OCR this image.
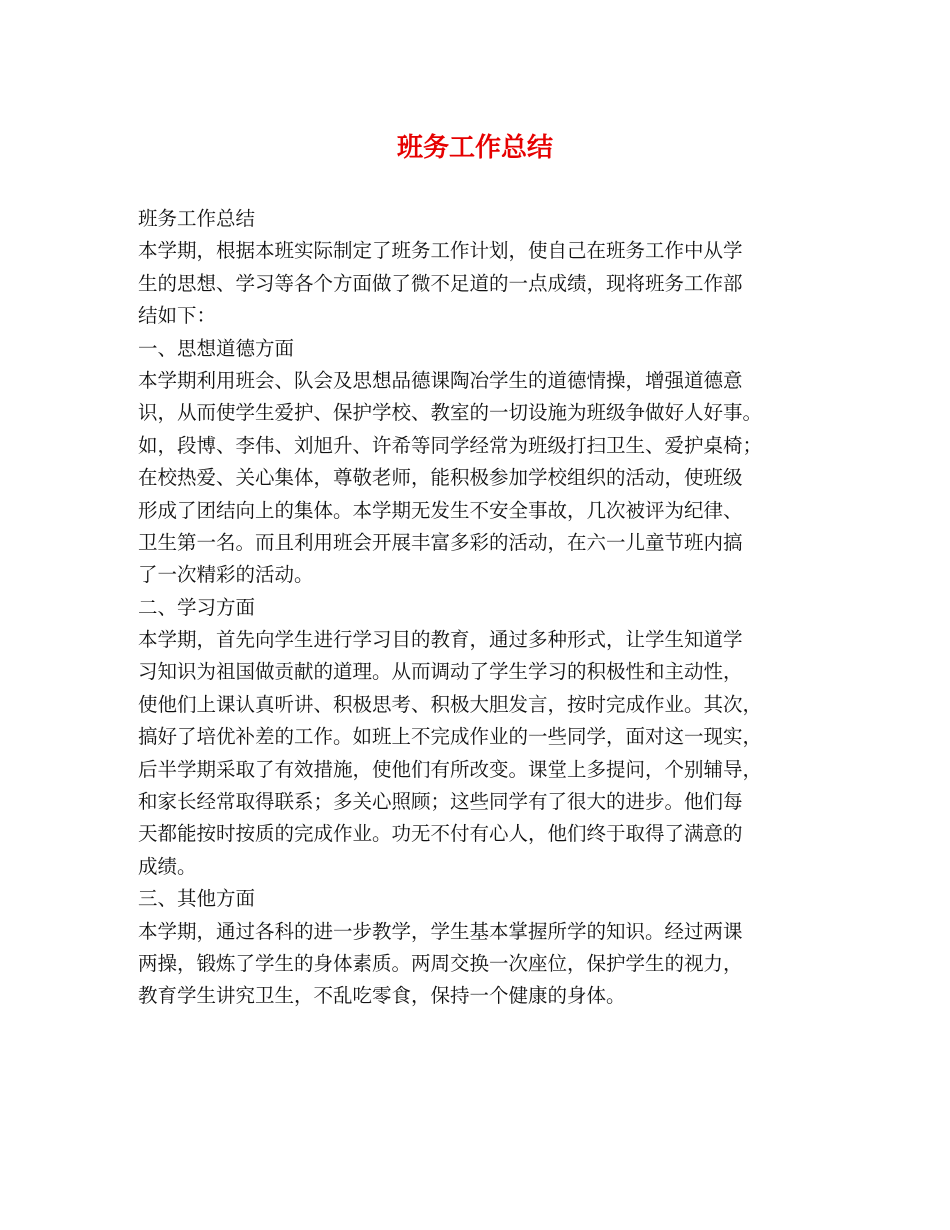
班务工作总结

班务工作总结

本学期，根据本班实际制定了班务工作计划，使自己在班务工作中从学

生的思想、学习等各个方面做了微不足道的一点成绩，现将班务工作部

结如下：

一、思想道德方面

本学期利用班会、队会及思想品德课陶冶学生的道德情操，增强道德意

识，从而使学生爱护、保护学校、教室的一切设施为班级争做好人好事。

如，段博、李伟、刘旭升、许希等同学经常为班级打扫卫生、爱护桌椅；

在校热爱、关心集体，尊敬老师，能积极参加学校组织的活动，使班级

形成了团结向上的集体。本学期无发生不安全事故，几次被评为纪律、

卫生第一名。而且利用班会开展丰富多彩的活动，在六一儿童节班内搞

了一次精彩的活动。

二、学习方面

本学期，首先向学生进行学习目的教育，通过多种形式，让学生知道学

习知识为祖国做贡献的道理。从而调动了学生学习的积极性和主动性，

使他们上课认真听讲、积极思考、积极大胆发言，按时完成作业。其次，

搞好了培优补差的工作。如班上不完成作业的一些同学，面对这一现实，

后半学期采取了有效措施，使他们有所改变。课堂上多提问，个别辅导，

和家长经常取得联系；多关心照顾；这些同学有了很大的进步。他们每

天都能按时按质的完成作业。功无不付有心人，他们终于取得了满意的

成绩。

三、其他方面

本学期，通过各科的进一步教学，学生基本掌握所学的知识。经过两课

两操，锻炼了学生的身体素质。两周交换一次座位，保护学生的视力，

教育学生讲究卫生，不乱吃零食，保持一个健康的身体。
